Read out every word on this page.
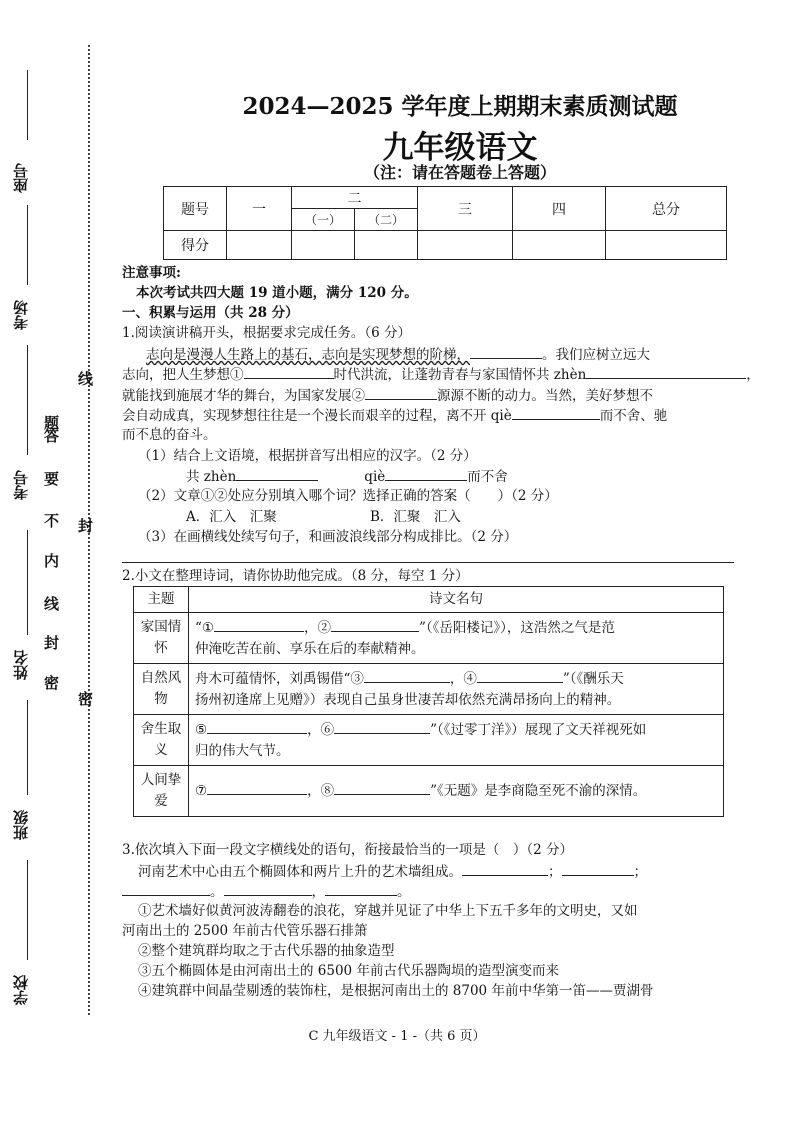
座号
考场
考号
姓名
班级
学校
题
答
要
不
内
线
封
密
线
封
密
2024—2025 学年度上期期末素质测试题
九年级语文
（注：请在答题卷上答题）
题号	一	二		三	四	总分
		（一）	（二）			
得分						
注意事项:
本次考试共四大题 19 道小题，满分 120 分。
一、积累与运用（共 28 分）
1.阅读演讲稿开头，根据要求完成任务。（6 分）
志向是漫漫人生路上的基石，志向是实现梦想的阶梯，	。我们应树立远大
志向，把人生梦想①	时代洪流，让蓬勃青春与家国情怀共 zhèn	，
就能找到施展才华的舞台，为国家发展②	源源不断的动力。当然，美好梦想不
会自动成真，实现梦想往往是一个漫长而艰辛的过程，离不开 qiè	而不舍、驰
而不息的奋斗。
（1）结合上文语境，根据拼音写出相应的汉字。（2 分）
共 zhèn	qiè	而不舍
（2）文章①②处应分别填入哪个词？选择正确的答案（　　）（2 分）
A．汇入　汇聚	B．汇聚　汇入
（3）在画横线处续写句子，和画波浪线部分构成排比。（2 分）
2.小文在整理诗词，请你协助他完成。（8 分，每空 1 分）
主题	诗文名句
家国情怀	“① ，② ”（《岳阳楼记》），这浩然之气是范
仲淹吃苦在前、享乐在后的奉献精神。
自然风物	舟木可蕴情怀，刘禹锡借“③ ，④ ”（《酬乐天
扬州初逢席上见赠》）表现自己虽身世凄苦却依然充满昂扬向上的精神。
舍生取义	⑤ ，⑥ ”（《过零丁洋》）展现了文天祥视死如
归的伟大气节。
人间挚爱	⑦ ，⑧ ”《无题》是李商隐至死不渝的深情。
3.依次填入下面一段文字横线处的语句，衔接最恰当的一项是（　）（2 分）
河南艺术中心由五个椭圆体和两片上升的艺术墙组成。	；	；
。	，	。
①艺术墙好似黄河波涛翻卷的浪花，穿越并见证了中华上下五千多年的文明史，又如
河南出土的 2500 年前古代管乐器石排箫
②整个建筑群均取之于古代乐器的抽象造型
③五个椭圆体是由河南出土的 6500 年前古代乐器陶埙的造型演变而来
④建筑群中间晶莹剔透的装饰柱，是根据河南出土的 8700 年前中华第一笛——贾湖骨
C 九年级语文 - 1 -（共 6 页）
